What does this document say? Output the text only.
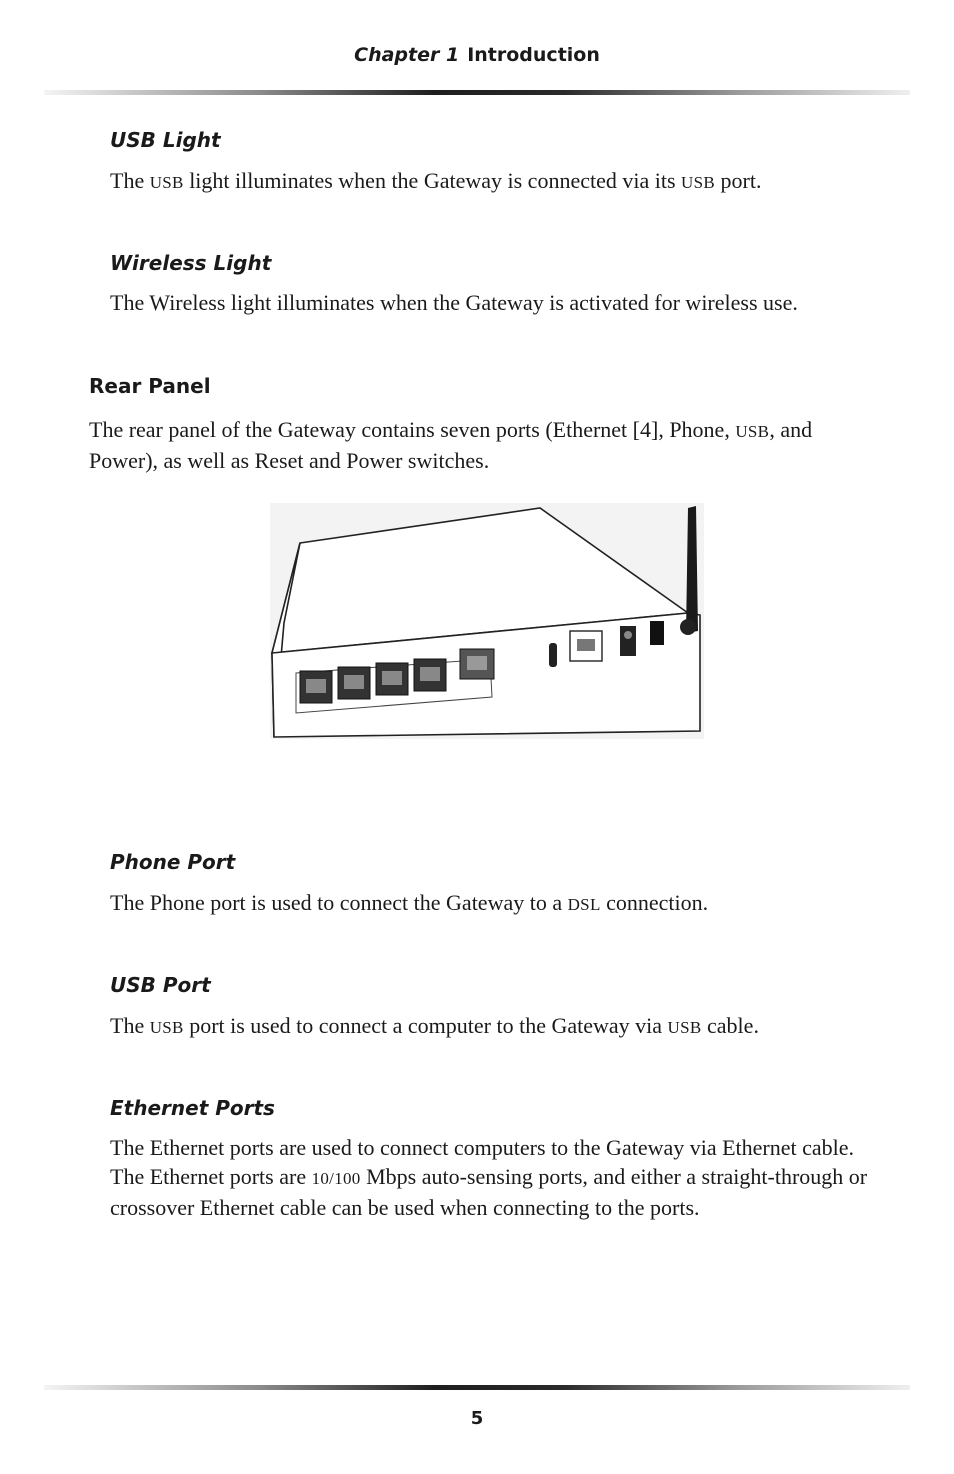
Chapter 1 Introduction
USB Light

The USB light illuminates when the Gateway is connected via its USB port.

Wireless Light

The Wireless light illuminates when the Gateway is activated for wireless use.

Rear Panel

The rear panel of the Gateway contains seven ports (Ethernet [4], Phone, USB, and Power), as well as Reset and Power switches.

Phone Port

The Phone port is used to connect the Gateway to a DSL connection.

USB Port

The USB port is used to connect a computer to the Gateway via USB cable.

Ethernet Ports

The Ethernet ports are used to connect computers to the Gateway via Ethernet cable. The Ethernet ports are 10/100 Mbps auto-sensing ports, and either a straight-through or crossover Ethernet cable can be used when connecting to the ports.

5
